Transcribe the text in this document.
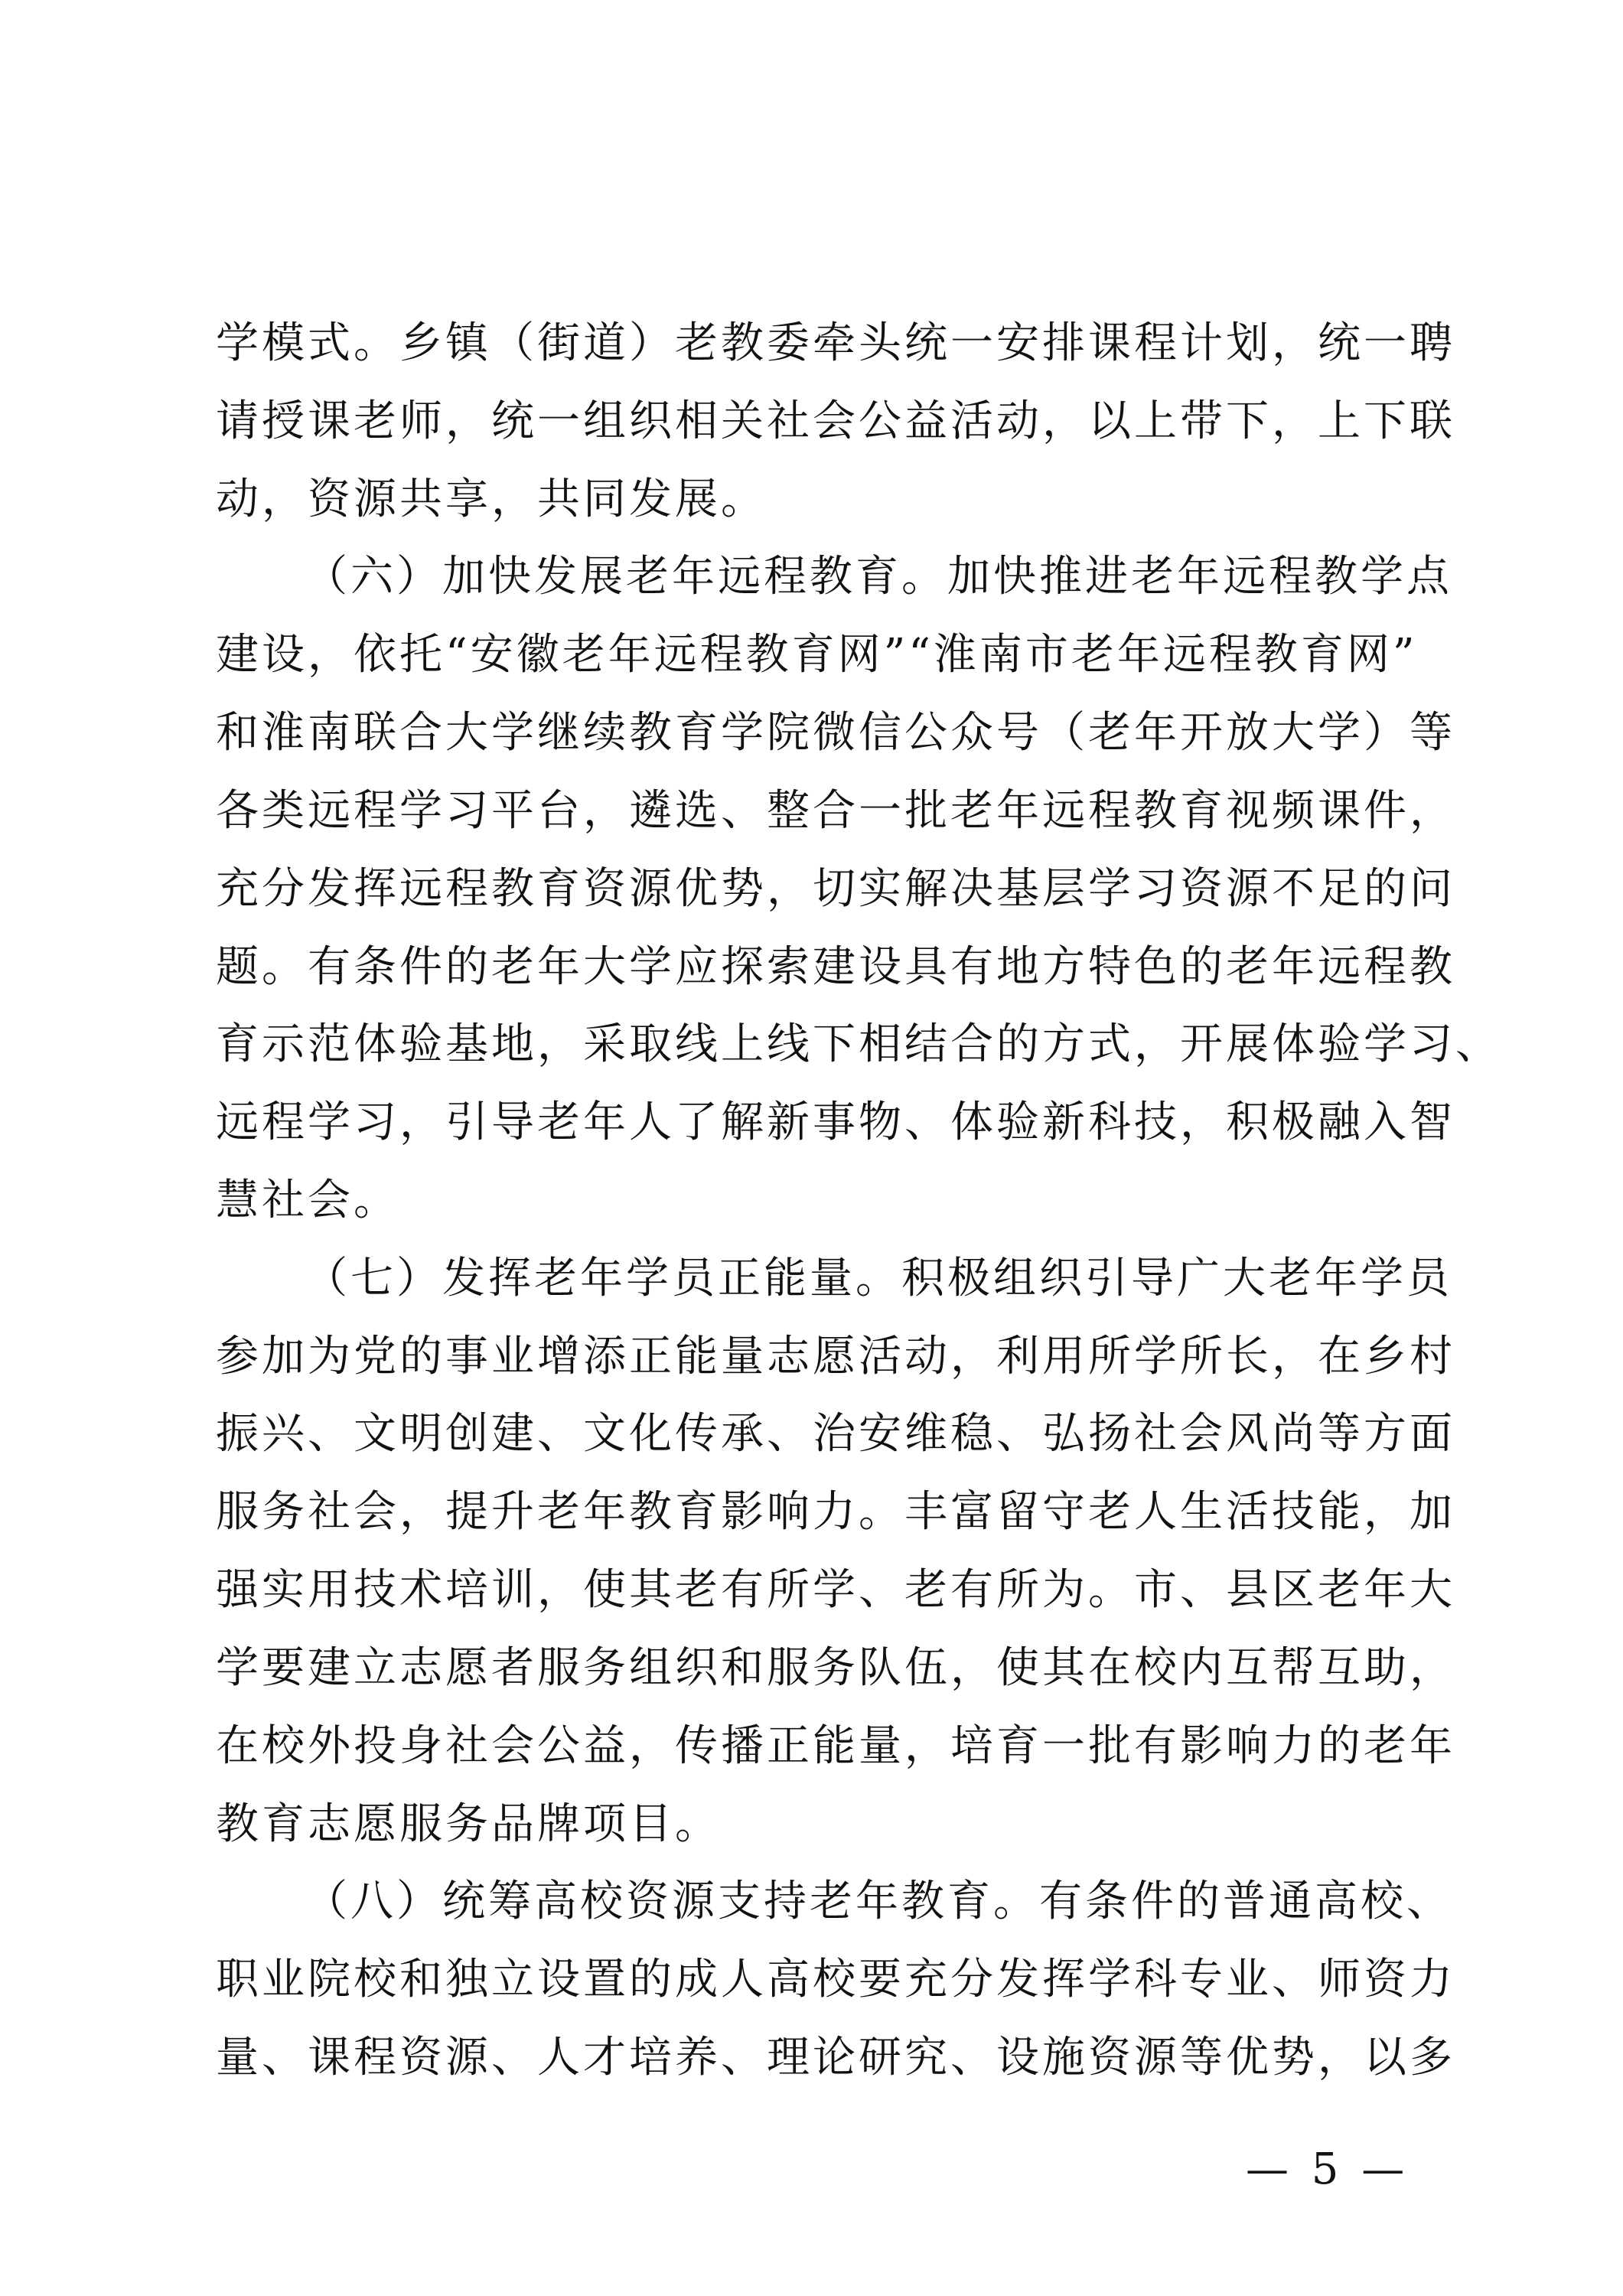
学模式。乡镇（街道）老教委牵头统一安排课程计划，统一聘
请授课老师，统一组织相关社会公益活动，以上带下，上下联
动，资源共享，共同发展。
（六）加快发展老年远程教育。加快推进老年远程教学点
建设，依托“安徽老年远程教育网”“淮南市老年远程教育网”
和淮南联合大学继续教育学院微信公众号（老年开放大学）等
各类远程学习平台，遴选、整合一批老年远程教育视频课件，
充分发挥远程教育资源优势，切实解决基层学习资源不足的问
题。有条件的老年大学应探索建设具有地方特色的老年远程教
育示范体验基地，采取线上线下相结合的方式，开展体验学习、
远程学习，引导老年人了解新事物、体验新科技，积极融入智
慧社会。
（七）发挥老年学员正能量。积极组织引导广大老年学员
参加为党的事业增添正能量志愿活动，利用所学所长，在乡村
振兴、文明创建、文化传承、治安维稳、弘扬社会风尚等方面
服务社会，提升老年教育影响力。丰富留守老人生活技能，加
强实用技术培训，使其老有所学、老有所为。市、县区老年大
学要建立志愿者服务组织和服务队伍，使其在校内互帮互助，
在校外投身社会公益，传播正能量，培育一批有影响力的老年
教育志愿服务品牌项目。
（八）统筹高校资源支持老年教育。有条件的普通高校、
职业院校和独立设置的成人高校要充分发挥学科专业、师资力
量、课程资源、人才培养、理论研究、设施资源等优势，以多
— 5 —
